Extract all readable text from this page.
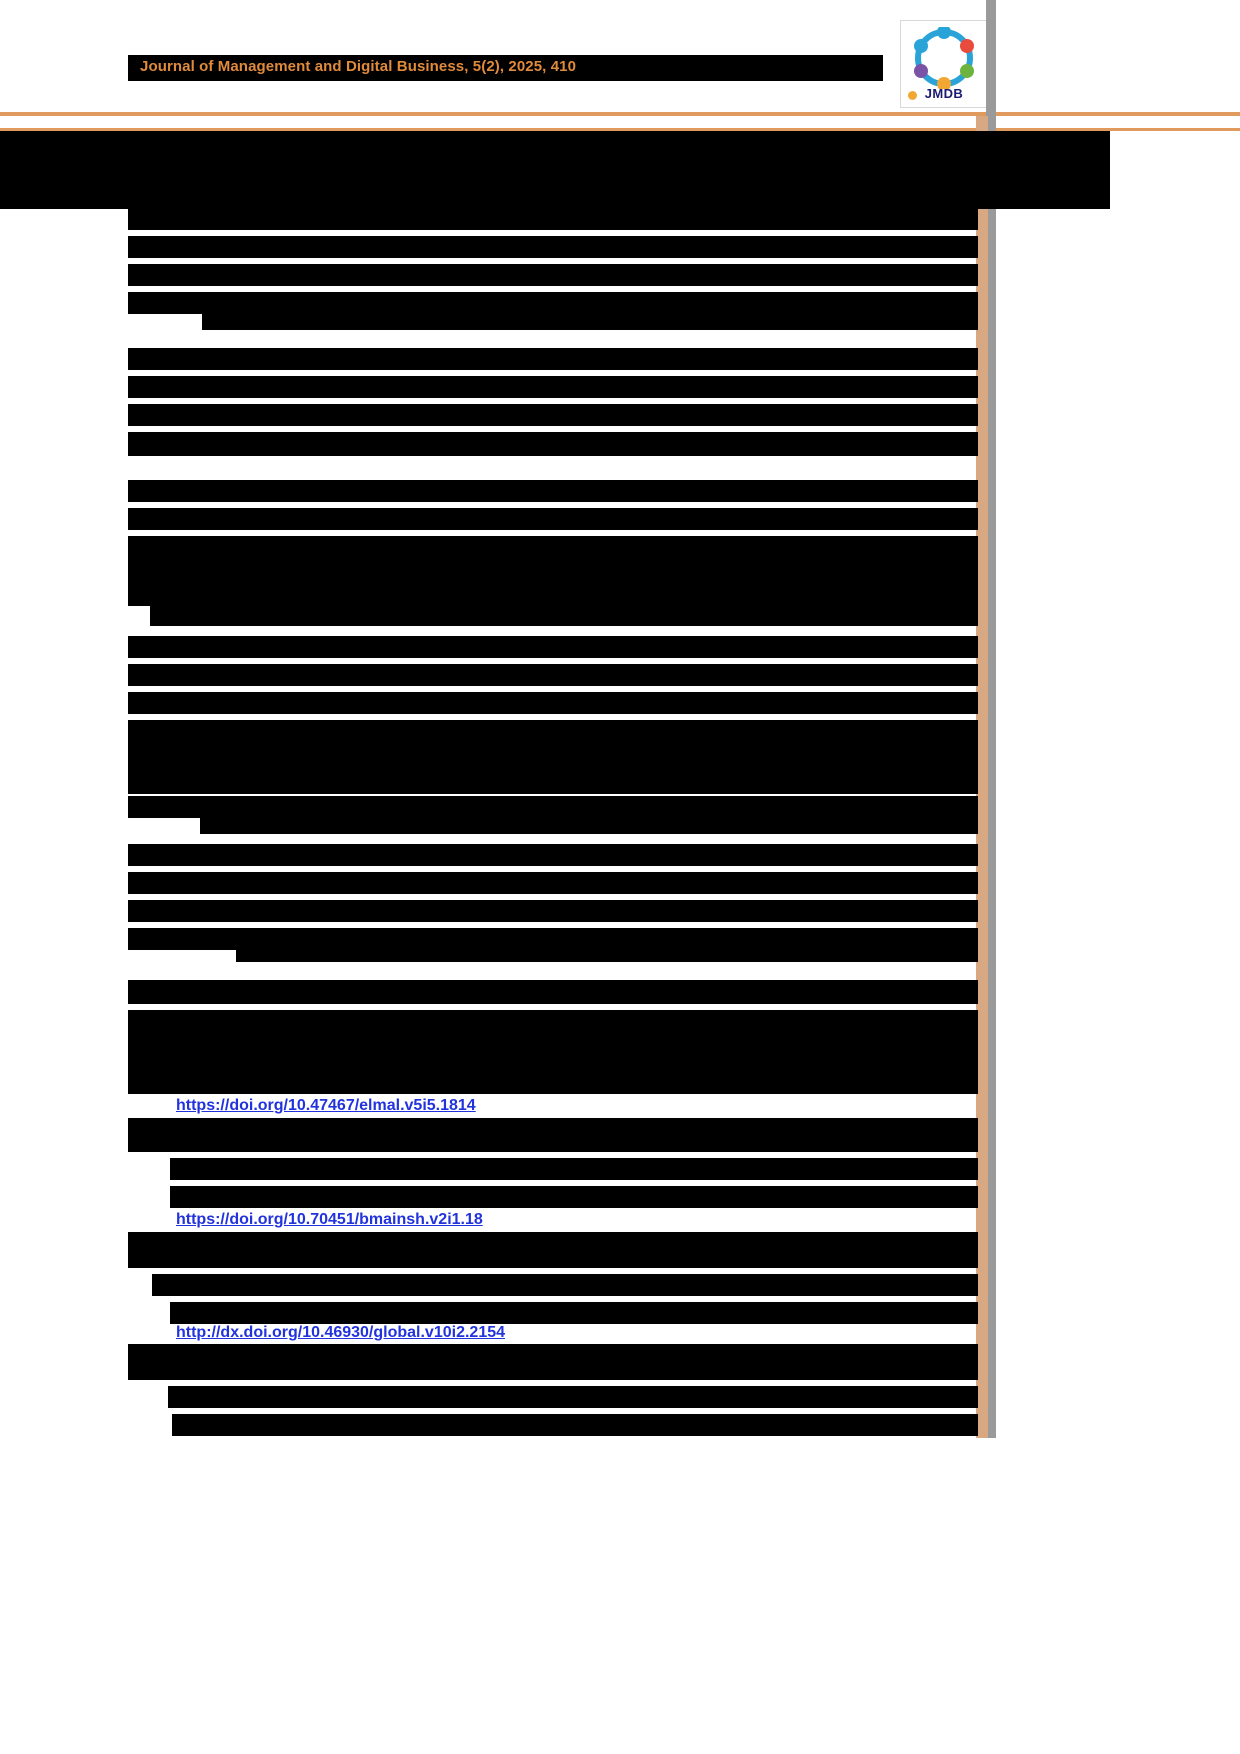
Journal of Management and Digital Business, 5(2), 2025, 410
JMDB
https://doi.org/10.47467/elmal.v5i5.1814
https://doi.org/10.70451/bmainsh.v2i1.18
http://dx.doi.org/10.46930/global.v10i2.2154
